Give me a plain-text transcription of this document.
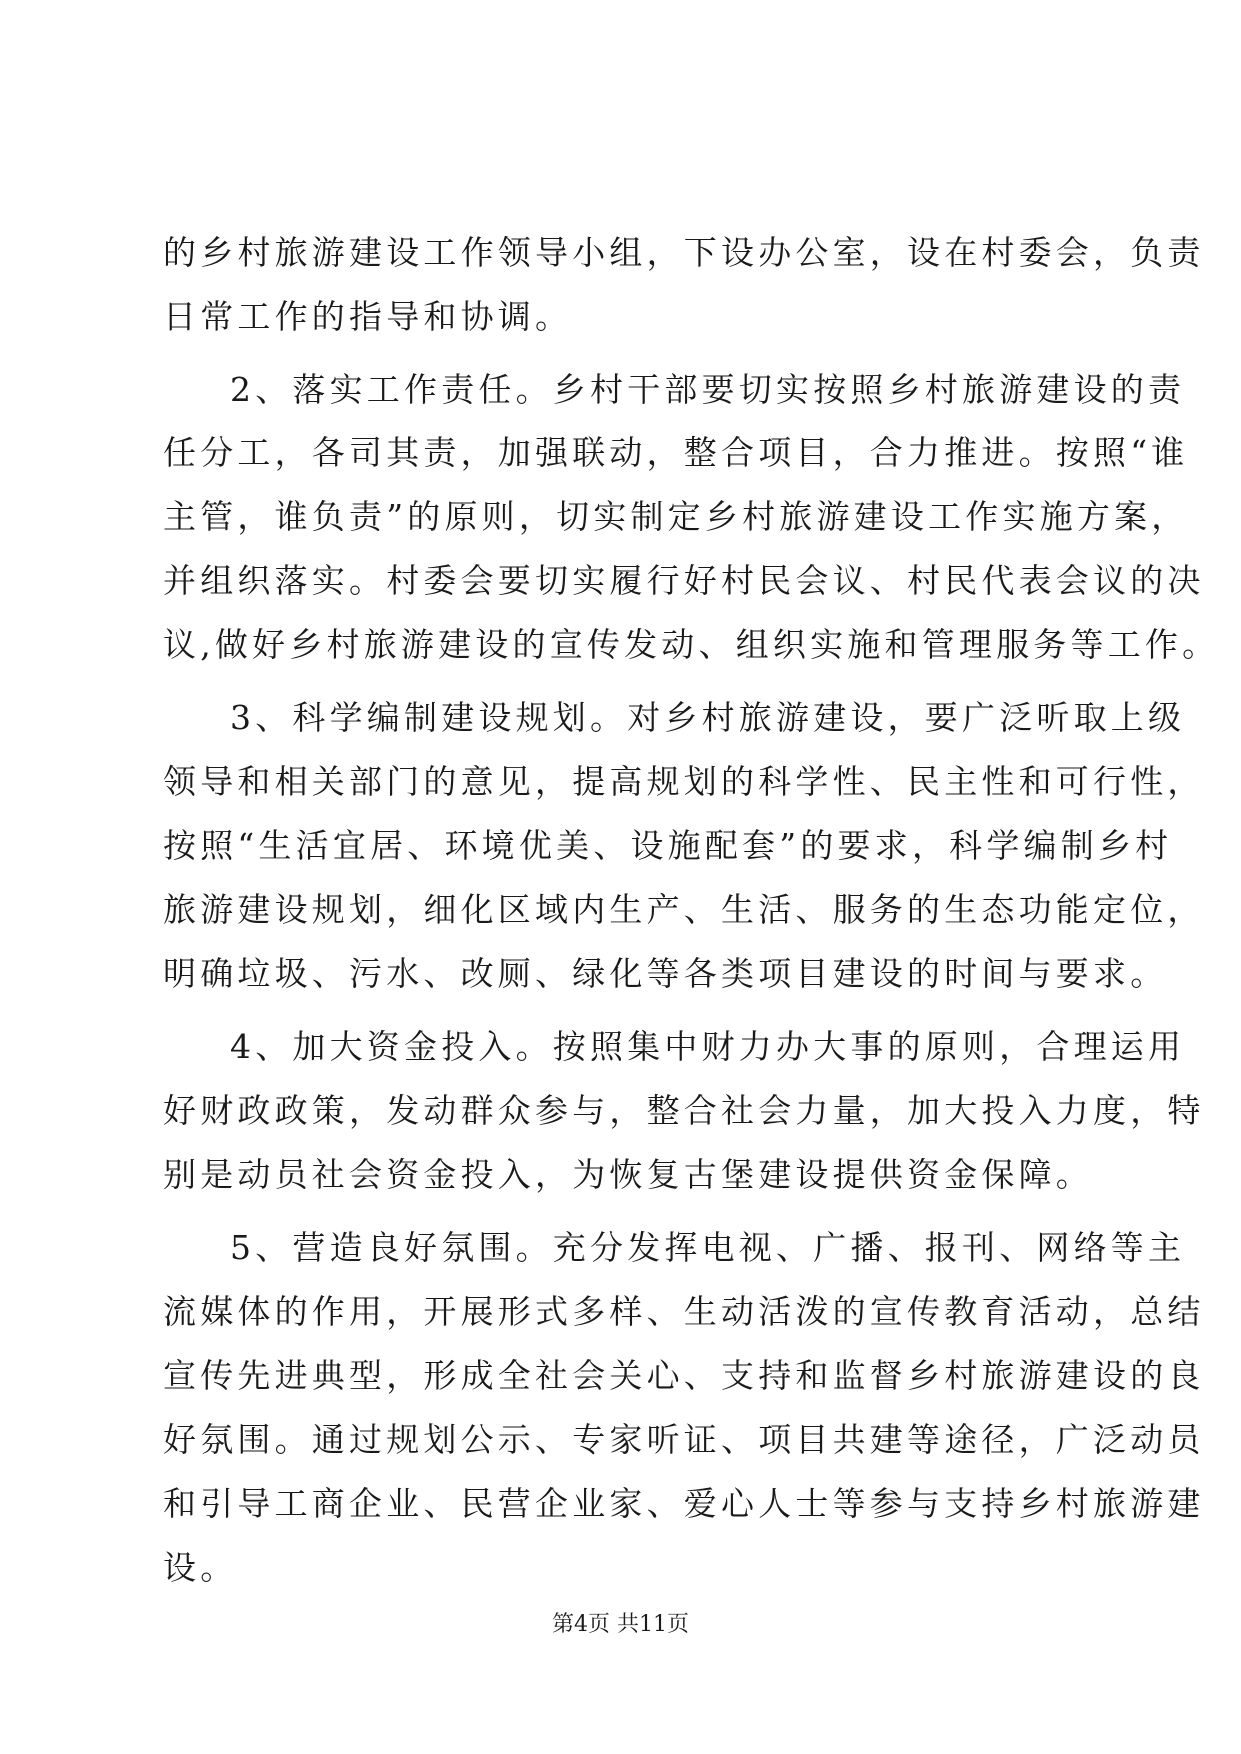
的乡村旅游建设工作领导小组，下设办公室，设在村委会，负责
日常工作的指导和协调。
2、落实工作责任。乡村干部要切实按照乡村旅游建设的责
任分工，各司其责，加强联动，整合项目，合力推进。按照“谁
主管，谁负责”的原则，切实制定乡村旅游建设工作实施方案，
并组织落实。村委会要切实履行好村民会议、村民代表会议的决
议,做好乡村旅游建设的宣传发动、组织实施和管理服务等工作。
3、科学编制建设规划。对乡村旅游建设，要广泛听取上级
领导和相关部门的意见，提高规划的科学性、民主性和可行性，
按照“生活宜居、环境优美、设施配套”的要求，科学编制乡村
旅游建设规划，细化区域内生产、生活、服务的生态功能定位，
明确垃圾、污水、改厕、绿化等各类项目建设的时间与要求。
4、加大资金投入。按照集中财力办大事的原则，合理运用
好财政政策，发动群众参与，整合社会力量，加大投入力度，特
别是动员社会资金投入，为恢复古堡建设提供资金保障。
5、营造良好氛围。充分发挥电视、广播、报刊、网络等主
流媒体的作用，开展形式多样、生动活泼的宣传教育活动，总结
宣传先进典型，形成全社会关心、支持和监督乡村旅游建设的良
好氛围。通过规划公示、专家听证、项目共建等途径，广泛动员
和引导工商企业、民营企业家、爱心人士等参与支持乡村旅游建
设。
第4页 共11页
